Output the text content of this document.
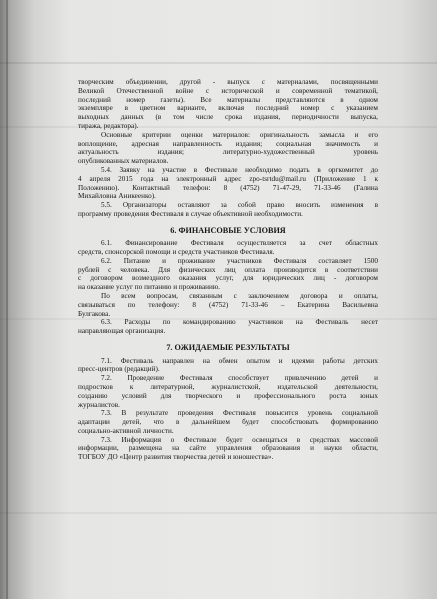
творческим объединении, другой - выпуск с материалами, посвященными
Великой Отечественной войне с исторической и современной тематикой,
последний номер газеты). Все материалы представляются в одном
экземпляре в цветном варианте, включая последний номер с указанием
выходных данных (в том числе срока издания, периодичности выпуска,
тиража, редактора).
Основные критерии оценки материалов: оригинальность замысла и его
воплощение, адресная направленность издания; социальная значимость и
актуальность издания; литературно-художественный уровень
опубликованных материалов.
5.4. Заявку на участие в Фестивале необходимо подать в оргкомитет до
4 апреля 2015 года на электронный адрес zpo-tsrtdu@mail.ru (Приложение 1 к
Положению). Контактный телефон: 8 (4752) 71-47-29, 71-33-46 (Галина
Михайловна Аникеенко).
5.5. Организаторы оставляют за собой право вносить изменения в
программу проведения Фестиваля в случае объективной необходимости.
6. ФИНАНСОВЫЕ УСЛОВИЯ
6.1. Финансирование Фестиваля осуществляется за счет областных
средств, спонсорской помощи и средств участников Фестиваля.
6.2. Питание и проживание участников Фестиваля составляет 1500
рублей с человека. Для физических лиц оплата производится в соответствии
с договором возмездного оказания услуг, для юридических лиц - договором
на оказание услуг по питанию и проживанию.
По всем вопросам, связанным с заключением договора и оплаты,
связываться по телефону: 8 (4752) 71-33-46 – Екатерина Васильевна
Булгакова.
6.3. Расходы по командированию участников на Фестиваль несет
направляющая организация.
7. ОЖИДАЕМЫЕ РЕЗУЛЬТАТЫ
7.1. Фестиваль направлен на обмен опытом и идеями работы детских
пресс-центров (редакций).
7.2. Проведение Фестиваля способствует привлечению детей и
подростков к литературной, журналистской, издательской деятельности,
созданию условий для творческого и профессионального роста юных
журналистов.
7.3. В результате проведения Фестиваля повысится уровень социальной
адаптации детей, что в дальнейшем будет способствовать формированию
социально-активной личности.
7.3. Информация о Фестивале будет освещаться в средствах массовой
информации, размещена на сайте управления образования и науки области,
ТОГБОУ ДО «Центр развития творчества детей и юношества».
